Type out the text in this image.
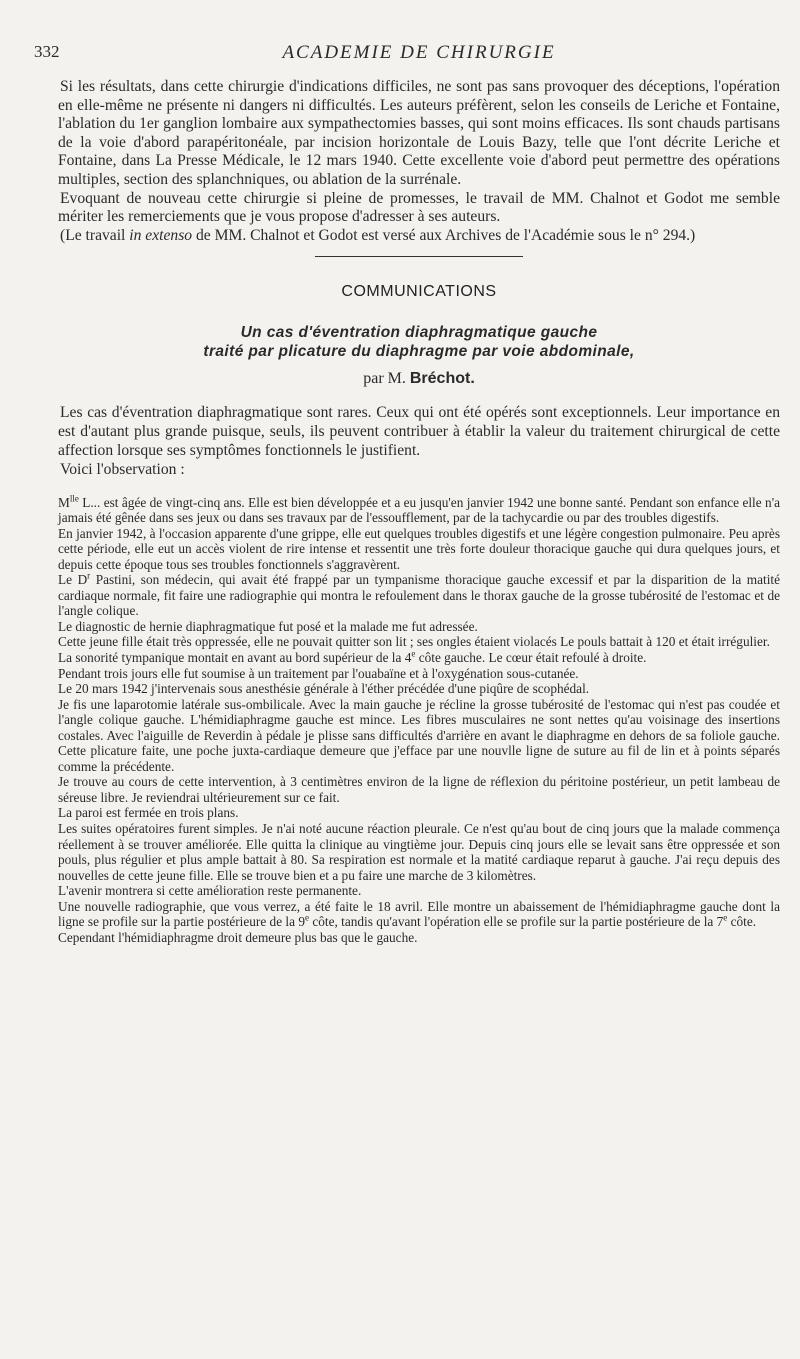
332	ACADEMIE DE CHIRURGIE

Si les résultats, dans cette chirurgie d'indications difficiles, ne sont pas sans provoquer des déceptions, l'opération en elle-même ne présente ni dangers ni difficultés. Les auteurs préfèrent, selon les conseils de Leriche et Fontaine, l'ablation du 1er ganglion lombaire aux sympathectomies basses, qui sont moins efficaces. Ils sont chauds partisans de la voie d'abord parapéritonéale, par incision horizontale de Louis Bazy, telle que l'ont décrite Leriche et Fontaine, dans La Presse Médicale, le 12 mars 1940. Cette excellente voie d'abord peut permettre des opérations multiples, section des splanchniques, ou ablation de la surrénale.

Evoquant de nouveau cette chirurgie si pleine de promesses, le travail de MM. Chalnot et Godot me semble mériter les remerciements que je vous propose d'adresser à ses auteurs.

(Le travail in extenso de MM. Chalnot et Godot est versé aux Archives de l'Académie sous le n° 294.)

COMMUNICATIONS
Un cas d'éventration diaphragmatique gauche
traité par plicature du diaphragme par voie abdominale,
par M. Bréchot.

Les cas d'éventration diaphragmatique sont rares. Ceux qui ont été opérés sont exceptionnels. Leur importance en est d'autant plus grande puisque, seuls, ils peuvent contribuer à établir la valeur du traitement chirurgical de cette affection lorsque ses symptômes fonctionnels le justifient.

Voici l'observation :

$M^{lle}$ L... est âgée de vingt-cinq ans. Elle est bien développée et a eu jusqu'en janvier 1942 une bonne santé. Pendant son enfance elle n'a jamais été gênée dans ses jeux ou dans ses travaux par de l'essoufflement, par de la tachycardie ou par des troubles digestifs.

En janvier 1942, à l'occasion apparente d'une grippe, elle eut quelques troubles digestifs et une légère congestion pulmonaire. Peu après cette période, elle eut un accès violent de rire intense et ressentit une très forte douleur thoracique gauche qui dura quelques jours, et depuis cette époque tous ses troubles fonctionnels s'aggravèrent.

Le $D^r$ Pastini, son médecin, qui avait été frappé par un tympanisme thoracique gauche excessif et par la disparition de la matité cardiaque normale, fit faire une radiographie qui montra le refoulement dans le thorax gauche de la grosse tubérosité de l'estomac et de l'angle colique.

Le diagnostic de hernie diaphragmatique fut posé et la malade me fut adressée.

Cette jeune fille était très oppressée, elle ne pouvait quitter son lit ; ses ongles étaient violacés Le pouls battait à 120 et était irrégulier.

La sonorité tympanique montait en avant au bord supérieur de la 4e côte gauche. Le cœur était refoulé à droite.

Pendant trois jours elle fut soumise à un traitement par l'ouabaïne et à l'oxygénation sous-cutanée.

Le 20 mars 1942 j'intervenais sous anesthésie générale à l'éther précédée d'une piqûre de scophédal.

Je fis une laparotomie latérale sus-ombilicale. Avec la main gauche je récline la grosse tubérosité de l'estomac qui n'est pas coudée et l'angle colique gauche. L'hémidiaphragme gauche est mince. Les fibres musculaires ne sont nettes qu'au voisinage des insertions costales. Avec l'aiguille de Reverdin à pédale je plisse sans difficultés d'arrière en avant le diaphragme en dehors de sa foliole gauche. Cette plicature faite, une poche juxta-cardiaque demeure que j'efface par une nouvlle ligne de suture au fil de lin et à points séparés comme la précédente.

Je trouve au cours de cette intervention, à 3 centimètres environ de la ligne de réflexion du péritoine postérieur, un petit lambeau de séreuse libre. Je reviendrai ultérieurement sur ce fait.

La paroi est fermée en trois plans.

Les suites opératoires furent simples. Je n'ai noté aucune réaction pleurale. Ce n'est qu'au bout de cinq jours que la malade commença réellement à se trouver améliorée. Elle quitta la clinique au vingtième jour. Depuis cinq jours elle se levait sans être oppressée et son pouls, plus régulier et plus ample battait à 80. Sa respiration est normale et la matité cardiaque reparut à gauche. J'ai reçu depuis des nouvelles de cette jeune fille. Elle se trouve bien et a pu faire une marche de 3 kilomètres.

L'avenir montrera si cette amélioration reste permanente.

Une nouvelle radiographie, que vous verrez, a été faite le 18 avril. Elle montre un abaissement de l'hémidiaphragme gauche dont la ligne se profile sur la partie postérieure de la 9e côte, tandis qu'avant l'opération elle se profile sur la partie postérieure de la 7e côte.

Cependant l'hémidiaphragme droit demeure plus bas que le gauche.
